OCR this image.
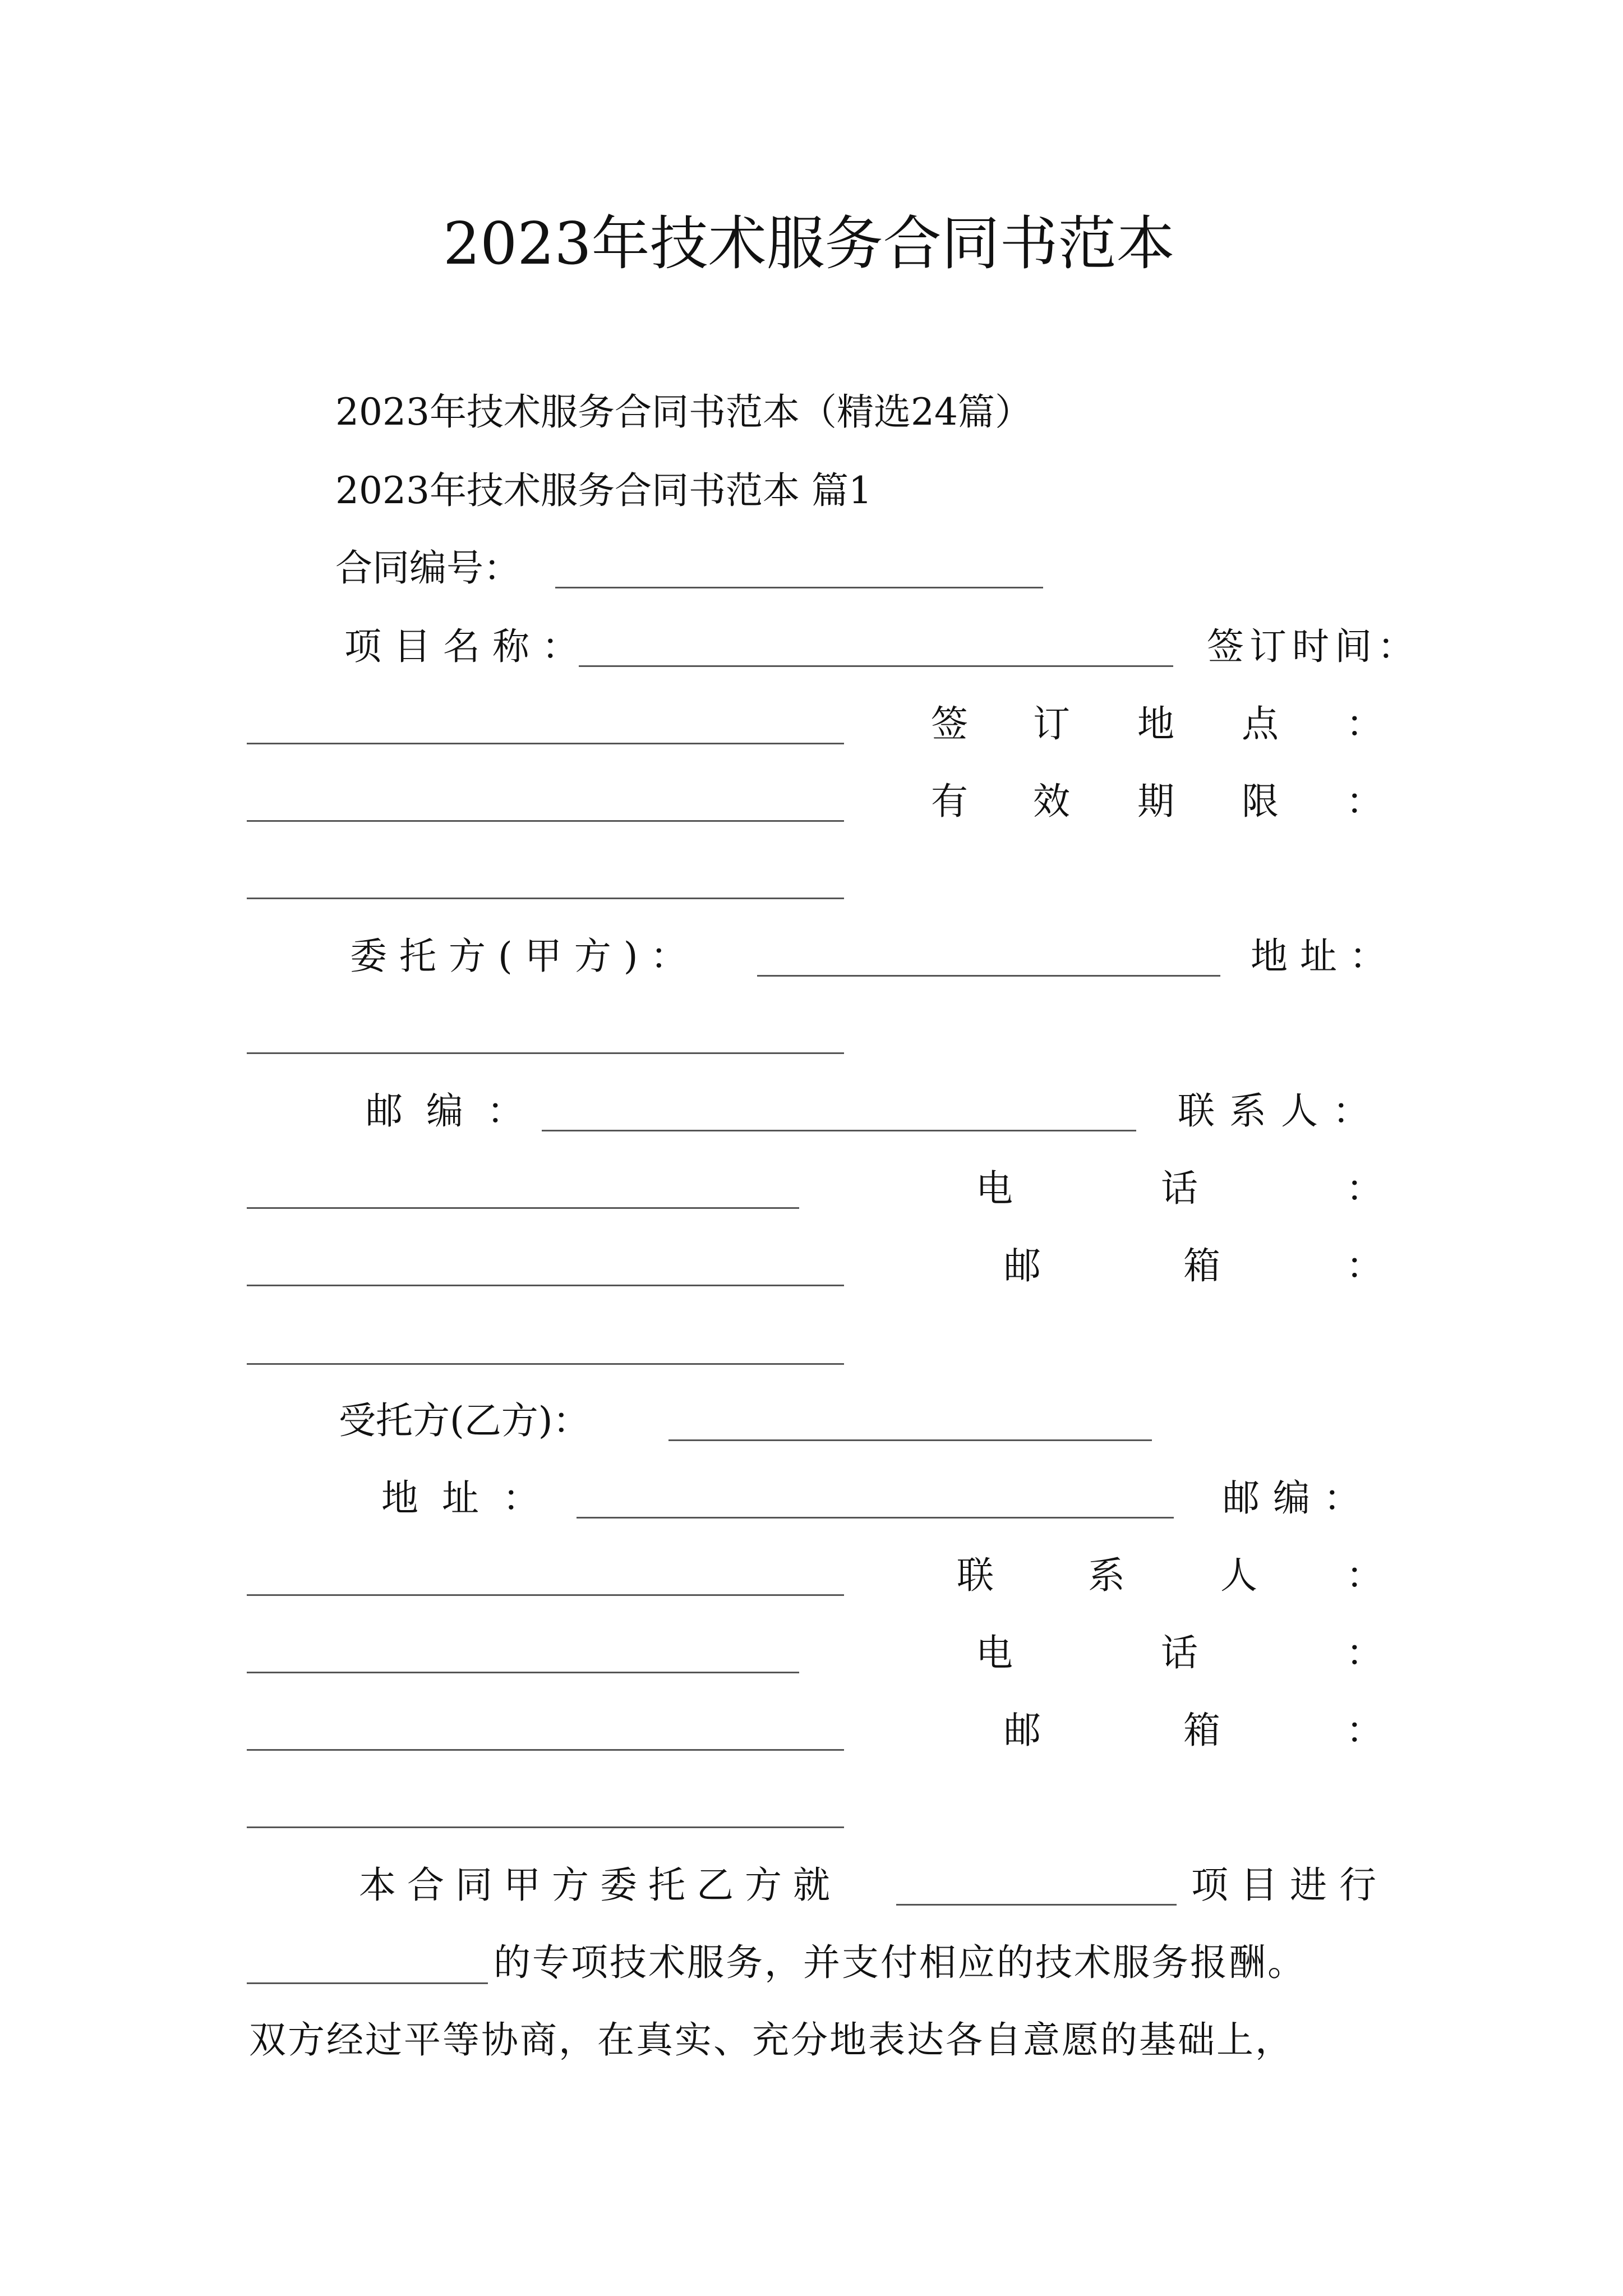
2023年技术服务合同书范本
2023年技术服务合同书范本（精选24篇）
2023年技术服务合同书范本 篇1
合同编号：
项目名称：	签订时间：
签 订 地 点 ：
有 效 期 限 ：
委托方(甲方)：	地址：
邮编：	联系人：
电	话	：
邮	箱	：
受托方(乙方)：
地址：	邮编：
联	系	人 ：
电	话	：
邮	箱	：
本合同甲方委托乙方就	项目进行
的专项技术服务，并支付相应的技术服务报酬。
双方经过平等协商，在真实、充分地表达各自意愿的基础上，
